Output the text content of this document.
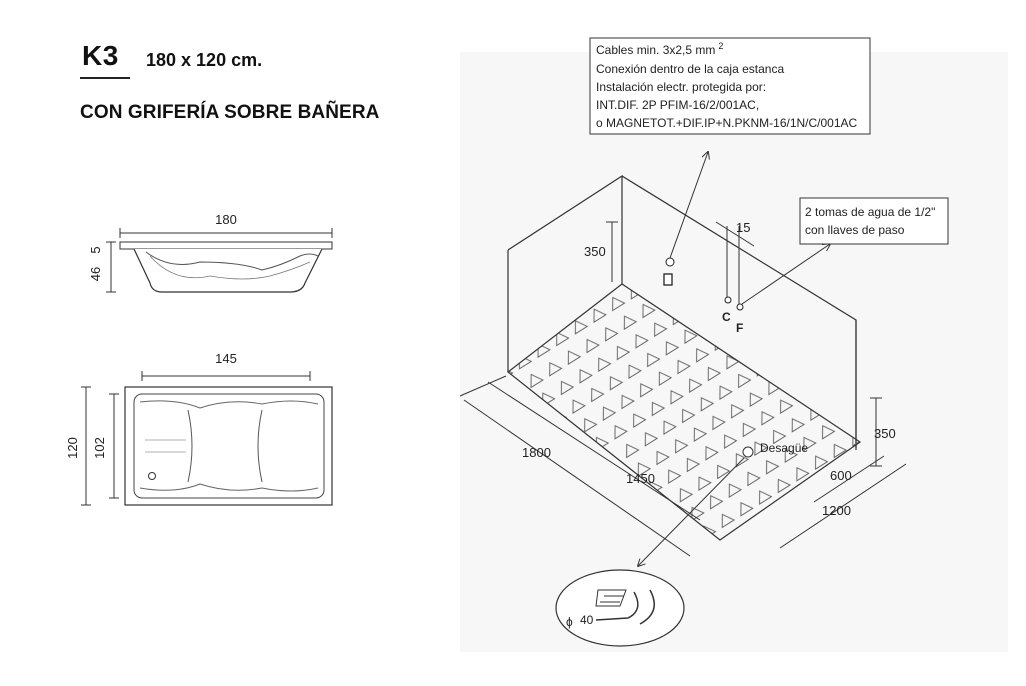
K3 180 x 120 cm.
CON GRIFERÍA SOBRE BAÑERA
180
46
5
145
120 102
350
15
C
F
350
1800
1450
1200
600
Desagüe
ϕ 40
Cables min. 3x2,5 mm $^2$
Conexión dentro de la caja estanca
Instalación electr. protegida por:
INT.DIF. 2P PFIM-16/2/001AC,
o MAGNETOT.+DIF.IP+N.PKNM-16/1N/C/001AC
2 tomas de agua de 1/2"
con llaves de paso
